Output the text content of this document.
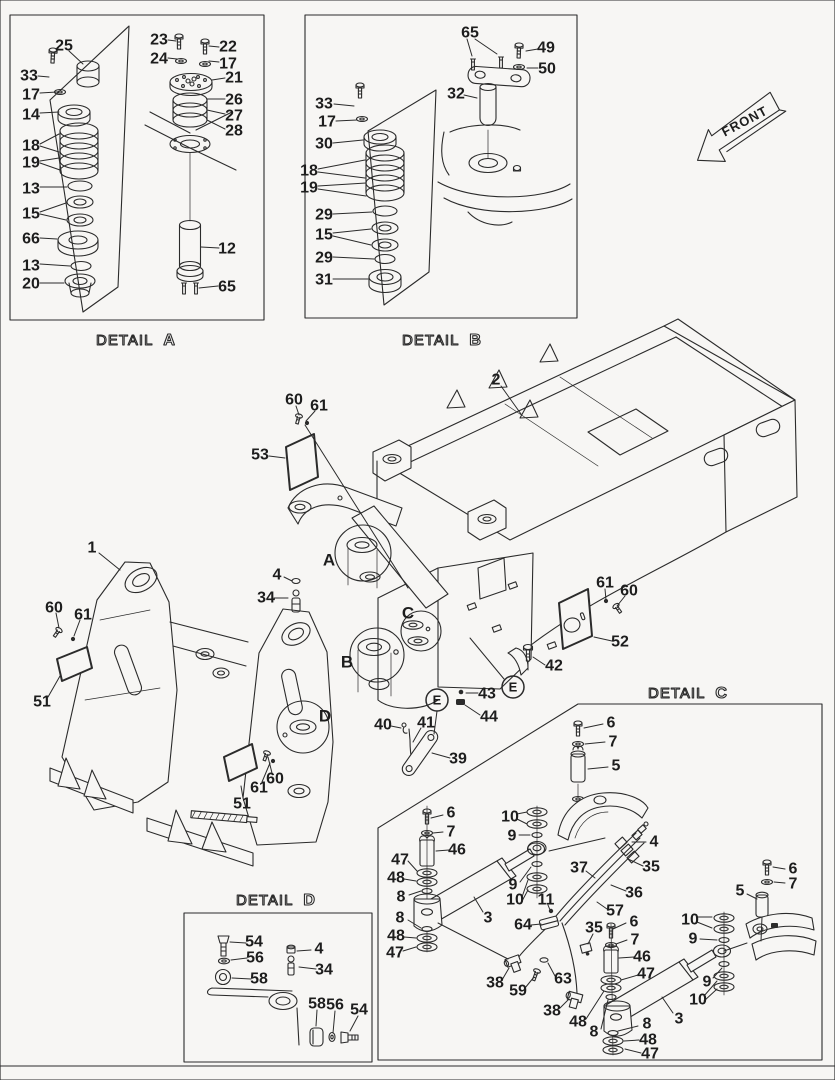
FRONT
25
33
17
14
18
19
13
15
66
13
20
23
24
22
17
21
26
27
28
12
65
65
49
50
32
33
17
30
18
19
29
15
29
31
2
53
60 61
1
60 61
51
4
34
61 60
52
42
43
44
40 41
39
51
61
60
6
7
5
10
9
9
10
6
7
46
47
48
8
8
48
47
3
38 59
63
64
11
37
4
35
36
57
35 6
7
46
47
48
8
38	3
8
48
47
10
9
9
10
5
6
7
54
56
58
4
34
58 56 54
A
B
C
D
E
E
DETAIL A	DETAIL B
DETAIL C
DETAIL D
